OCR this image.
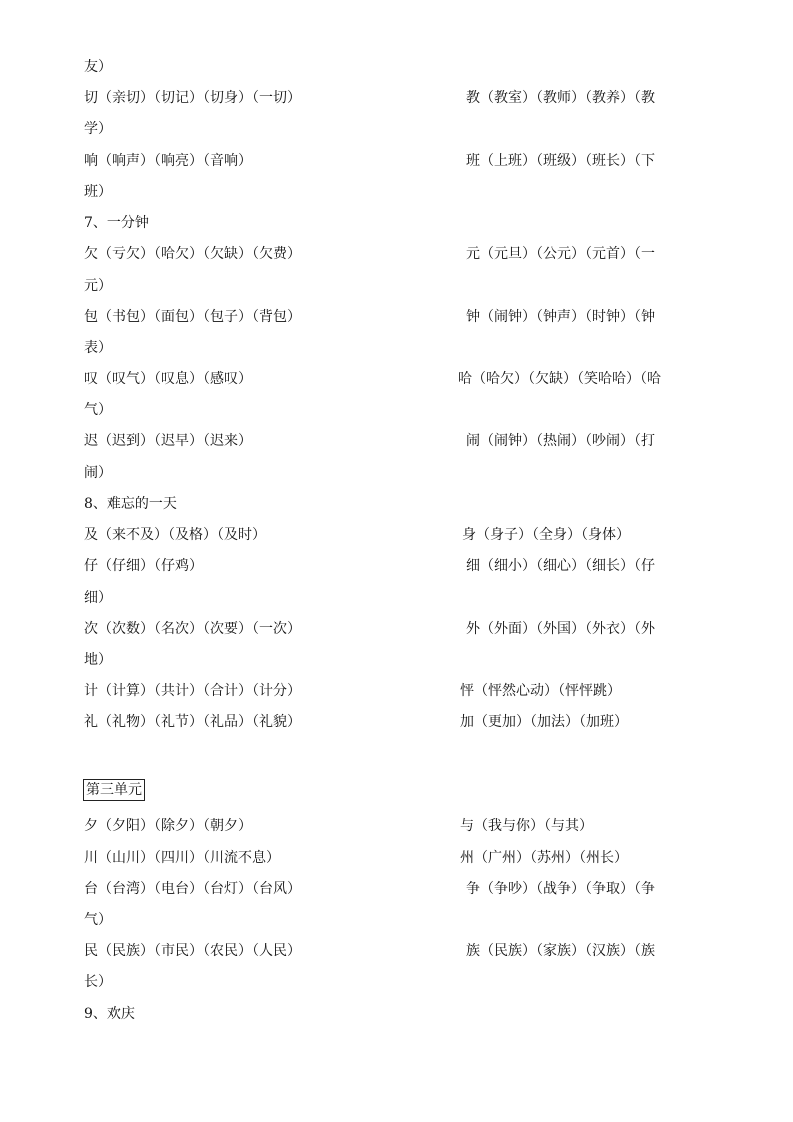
友）
切（亲切）（切记）（切身）（一切）	教（教室）（教师）（教养）（教
学）
响（响声）（响亮）（音响）	班（上班）（班级）（班长）（下
班）
7、一分钟
欠（亏欠）（哈欠）（欠缺）（欠费）	元（元旦）（公元）（元首）（一
元）
包（书包）（面包）（包子）（背包）	钟（闹钟）（钟声）（时钟）（钟
表）
叹（叹气）（叹息）（感叹）	哈（哈欠）（欠缺）（笑哈哈）（哈
气）
迟（迟到）（迟早）（迟来）	闹（闹钟）（热闹）（吵闹）（打
闹）
8、难忘的一天
及（来不及）（及格）（及时）	身（身子）（全身）（身体）
仔（仔细）（仔鸡）	细（细小）（细心）（细长）（仔
细）
次（次数）（名次）（次要）（一次）	外（外面）（外国）（外衣）（外
地）
计（计算）（共计）（合计）（计分）	怦（怦然心动）（怦怦跳）
礼（礼物）（礼节）（礼品）（礼貌）	加（更加）（加法）（加班）
第三单元
夕（夕阳）（除夕）（朝夕）	与（我与你）（与其）
川（山川）（四川）（川流不息）	州（广州）（苏州）（州长）
台（台湾）（电台）（台灯）（台风）	争（争吵）（战争）（争取）（争
气）
民（民族）（市民）（农民）（人民）	族（民族）（家族）（汉族）（族
长）
9、欢庆
